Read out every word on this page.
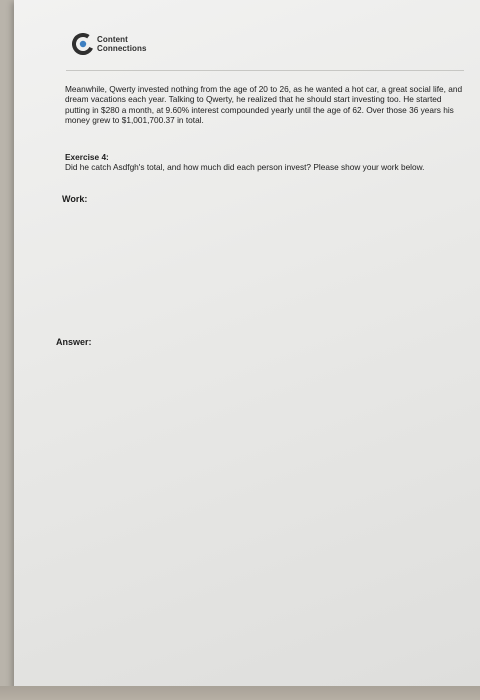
Content
Connections

Meanwhile, Qwerty invested nothing from the age of 20 to 26, as he wanted a hot car, a great social life, and dream vacations each year. Talking to Qwerty, he realized that he should start investing too. He started putting in $280 a month, at 9.60% interest compounded yearly until the age of 62. Over those 36 years his money grew to $1,001,700.37 in total.

Exercise 4:
Did he catch Asdfgh's total, and how much did each person invest? Please show your work below.
Work:
Answer:
